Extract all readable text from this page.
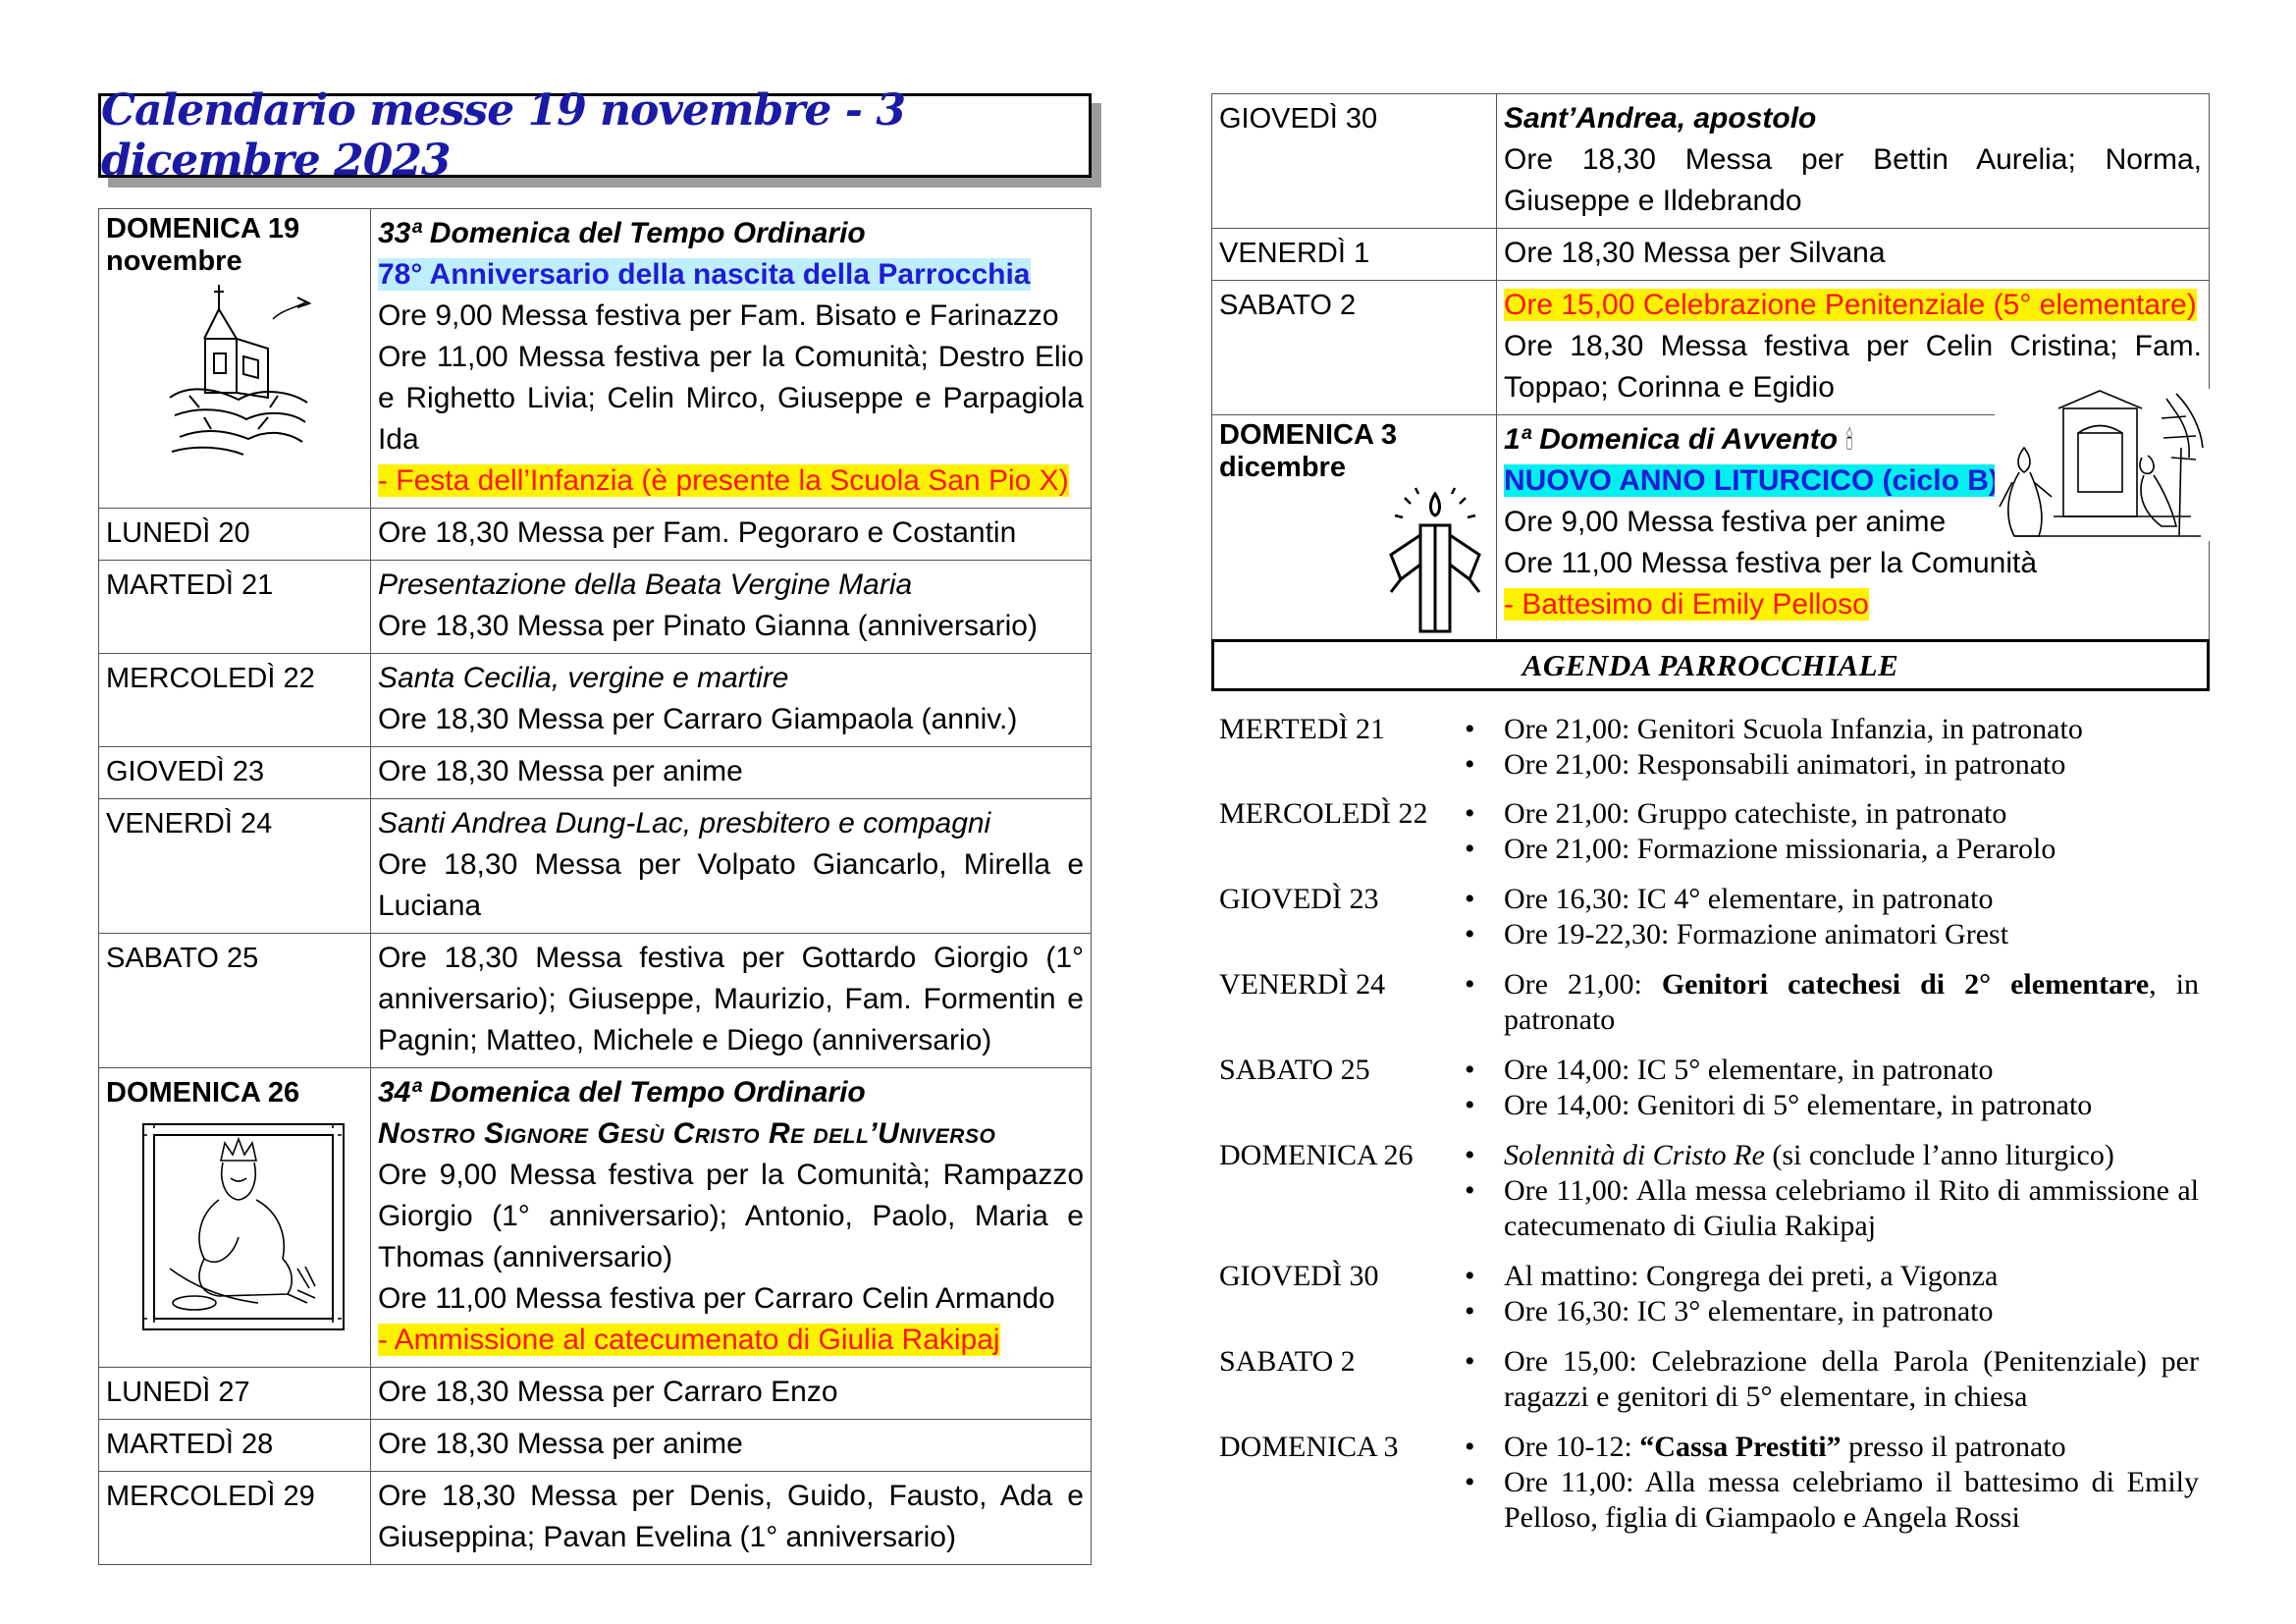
Calendario messe 19 novembre - 3 dicembre 2023
DOMENICA 19 novembre	33ª Domenica del Tempo Ordinario
78° Anniversario della nascita della Parrocchia
Ore 9,00 Messa festiva per Fam. Bisato e Farinazzo
Ore 11,00 Messa festiva per la Comunità; Destro Elio e Righetto Livia; Celin Mirco, Giuseppe e Parpagiola Ida
- Festa dell’Infanzia (è presente la Scuola San Pio X)

LUNEDÌ 20	Ore 18,30 Messa per Fam. Pegoraro e Costantin
MARTEDÌ 21	Presentazione della Beata Vergine Maria
Ore 18,30 Messa per Pinato Gianna (anniversario)

MERCOLEDÌ 22	Santa Cecilia, vergine e martire
Ore 18,30 Messa per Carraro Giampaola (anniv.)

GIOVEDÌ 23	Ore 18,30 Messa per anime
VENERDÌ 24	Santi Andrea Dung-Lac, presbitero e compagni
Ore 18,30 Messa per Volpato Giancarlo, Mirella e Luciana

SABATO 25	Ore 18,30 Messa festiva per Gottardo Giorgio (1° anniversario); Giuseppe, Maurizio, Fam. Formentin e Pagnin; Matteo, Michele e Diego (anniversario)

DOMENICA 26	34ª Domenica del Tempo Ordinario
Nostro Signore Gesù Cristo Re dell’Universo
Ore 9,00 Messa festiva per la Comunità; Rampazzo Giorgio (1° anniversario); Antonio, Paolo, Maria e Thomas (anniversario)
Ore 11,00 Messa festiva per Carraro Celin Armando
- Ammissione al catecumenato di Giulia Rakipaj

LUNEDÌ 27	Ore 18,30 Messa per Carraro Enzo
MARTEDÌ 28	Ore 18,30 Messa per anime
MERCOLEDÌ 29	Ore 18,30 Messa per Denis, Guido, Fausto, Ada e Giuseppina; Pavan Evelina (1° anniversario)
GIOVEDÌ 30	Sant’Andrea, apostolo
Ore 18,30 Messa per Bettin Aurelia; Norma, Giuseppe e Ildebrando

VENERDÌ 1	Ore 18,30 Messa per Silvana
SABATO 2	Ore 15,00 Celebrazione Penitenziale (5° elementare)
Ore 18,30 Messa festiva per Celin Cristina; Fam. Toppao; Corinna e Egidio

DOMENICA 3 dicembre	1ª Domenica di Avvento 🕯
NUOVO ANNO LITURCICO (ciclo B)
Ore 9,00 Messa festiva per anime
Ore 11,00 Messa festiva per la Comunità
- Battesimo di Emily Pelloso
AGENDA PARROCCHIALE
MERTEDÌ 21	• Ore 21,00: Genitori Scuola Infanzia, in patronato
• Ore 21,00: Responsabili animatori, in patronato
MERCOLEDÌ 22	• Ore 21,00: Gruppo catechiste, in patronato
• Ore 21,00: Formazione missionaria, a Perarolo
GIOVEDÌ 23	• Ore 16,30: IC 4° elementare, in patronato
• Ore 19-22,30: Formazione animatori Grest
VENERDÌ 24	• Ore 21,00: Genitori catechesi di 2° elementare, in patronato
SABATO 25	• Ore 14,00: IC 5° elementare, in patronato
• Ore 14,00: Genitori di 5° elementare, in patronato
DOMENICA 26	• Solennità di Cristo Re (si conclude l’anno liturgico)
• Ore 11,00: Alla messa celebriamo il Rito di ammissione al catecumenato di Giulia Rakipaj
GIOVEDÌ 30	• Al mattino: Congrega dei preti, a Vigonza
• Ore 16,30: IC 3° elementare, in patronato
SABATO 2	• Ore 15,00: Celebrazione della Parola (Penitenziale) per ragazzi e genitori di 5° elementare, in chiesa
DOMENICA 3	• Ore 10-12: “Cassa Prestiti” presso il patronato
• Ore 11,00: Alla messa celebriamo il battesimo di Emily Pelloso, figlia di Giampaolo e Angela Rossi
